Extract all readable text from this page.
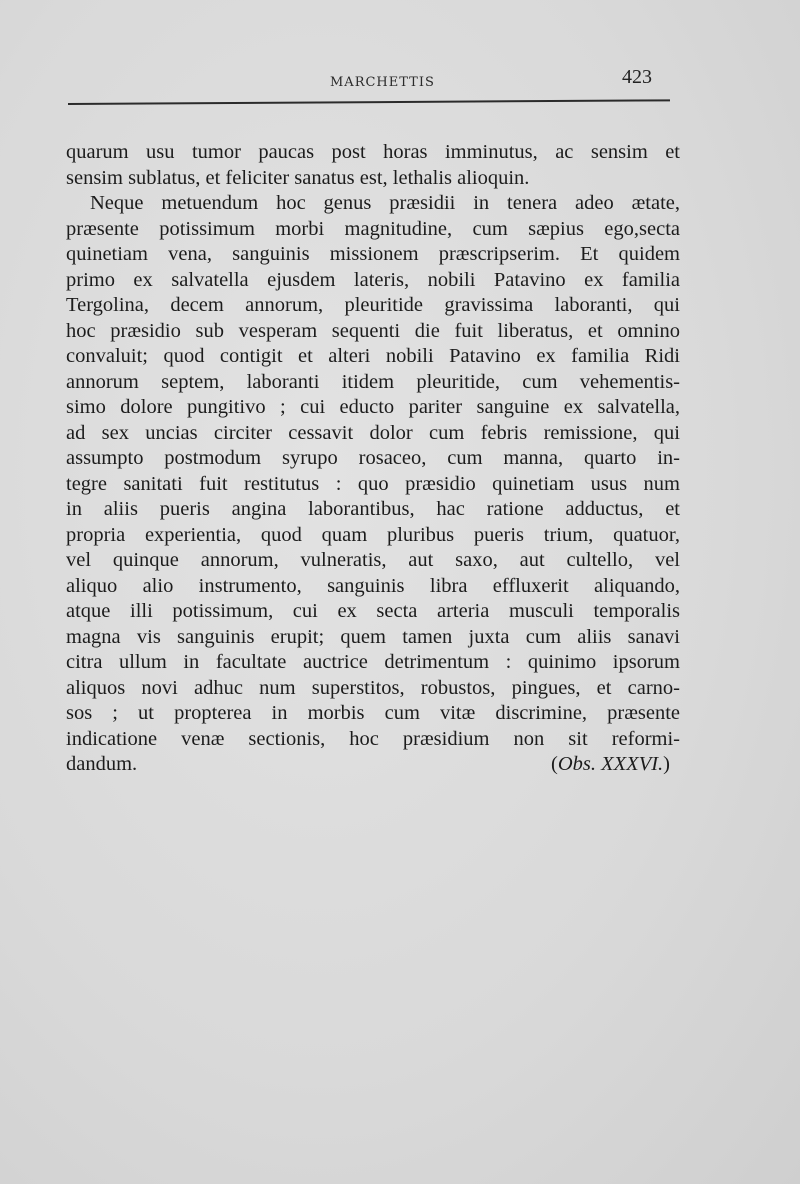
MARCHETTIS	423
quarum usu tumor paucas post horas imminutus, ac sensim et
sensim sublatus, et feliciter sanatus est, lethalis alioquin.
Neque metuendum hoc genus præsidii in tenera adeo ætate,
præsente potissimum morbi magnitudine, cum sæpius ego,secta
quinetiam vena, sanguinis missionem præscripserim. Et quidem
primo ex salvatella ejusdem lateris, nobili Patavino ex familia
Tergolina, decem annorum, pleuritide gravissima laboranti, qui
hoc præsidio sub vesperam sequenti die fuit liberatus, et omnino
convaluit; quod contigit et alteri nobili Patavino ex familia Ridi
annorum septem, laboranti itidem pleuritide, cum vehementis-
simo dolore pungitivo ; cui educto pariter sanguine ex salvatella,
ad sex uncias circiter cessavit dolor cum febris remissione, qui
assumpto postmodum syrupo rosaceo, cum manna, quarto in-
tegre sanitati fuit restitutus : quo præsidio quinetiam usus num
in aliis pueris angina laborantibus, hac ratione adductus, et
propria experientia, quod quam pluribus pueris trium, quatuor,
vel quinque annorum, vulneratis, aut saxo, aut cultello, vel
aliquo alio instrumento, sanguinis libra effluxerit aliquando,
atque illi potissimum, cui ex secta arteria musculi temporalis
magna vis sanguinis erupit; quem tamen juxta cum aliis sanavi
citra ullum in facultate auctrice detrimentum : quinimo ipsorum
aliquos novi adhuc num superstitos, robustos, pingues, et carno-
sos ; ut propterea in morbis cum vitæ discrimine, præsente
indicatione venæ sectionis, hoc præsidium non sit reformi-
dandum.	(Obs. XXXVI.)
